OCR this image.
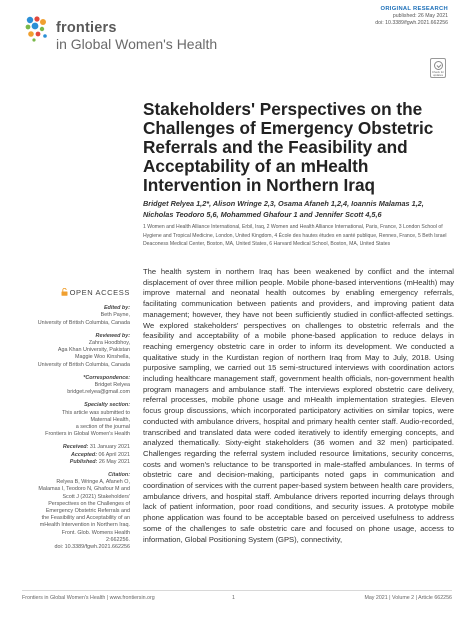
frontiers
in Global Women's Health
ORIGINAL RESEARCH
published: 26 May 2021
doi: 10.3389/fgwh.2021.662256
Check for updates
Stakeholders' Perspectives on the Challenges of Emergency Obstetric Referrals and the Feasibility and Acceptability of an mHealth Intervention in Northern Iraq
Bridget Relyea 1,2*, Alison Wringe 2,3, Osama Afaneh 1,2,4, Ioannis Malamas 1,2, Nicholas Teodoro 5,6, Mohammed Ghafour 1 and Jennifer Scott 4,5,6
1 Women and Health Alliance International, Erbil, Iraq, 2 Women and Health Alliance International, Paris, France, 3 London School of Hygiene and Tropical Medicine, London, United Kingdom, 4 École des hautes études en santé publique, Rennes, France, 5 Beth Israel Deaconess Medical Center, Boston, MA, United States, 6 Harvard Medical School, Boston, MA, United States
OPEN ACCESS
Edited by:
Beth Payne,
University of British Columbia, Canada
Reviewed by:
Zahra Hoodbhoy,
Aga Khan University, Pakistan
Maggie Woo Kinshella,
University of British Columbia, Canada
*Correspondence:
Bridget Relyea
bridget.relyea@gmail.com
Specialty section:
This article was submitted to
Maternal Health,
a section of the journal
Frontiers in Global Women's Health
Received: 31 January 2021
Accepted: 06 April 2021
Published: 26 May 2021
Citation:
Relyea B, Wringe A, Afaneh O,
Malamas I, Teodoro N, Ghafour M and
Scott J (2021) Stakeholders'
Perspectives on the Challenges of
Emergency Obstetric Referrals and
the Feasibility and Acceptability of an
mHealth Intervention in Northern Iraq.
Front. Glob. Womens Health
2:662256.
doi: 10.3389/fgwh.2021.662256

The health system in northern Iraq has been weakened by conflict and the internal displacement of over three million people. Mobile phone-based interventions (mHealth) may improve maternal and neonatal health outcomes by enabling emergency referrals, facilitating communication between patients and providers, and improving patient data management; however, they have not been sufficiently studied in conflict-affected settings. We explored stakeholders' perspectives on challenges to obstetric referrals and the feasibility and acceptability of a mobile phone-based application to reduce delays in reaching emergency obstetric care in order to inform its development. We conducted a qualitative study in the Kurdistan region of northern Iraq from May to July, 2018. Using purposive sampling, we carried out 15 semi-structured interviews with coordination actors including healthcare management staff, government health officials, non-government health program managers and ambulance staff. The interviews explored obstetric care delivery, referral processes, mobile phone usage and mHealth implementation strategies. Eleven focus group discussions, which incorporated participatory activities on similar topics, were conducted with ambulance drivers, hospital and primary health center staff. Audio-recorded, transcribed and translated data were coded iteratively to identify emerging concepts, and analyzed thematically. Sixty-eight stakeholders (36 women and 32 men) participated. Challenges regarding the referral system included resource limitations, security concerns, costs and women's reluctance to be transported in male-staffed ambulances. In terms of obstetric care and decision-making, participants noted gaps in communication and coordination of services with the current paper-based system between health care providers, ambulance drivers, and hospital staff. Ambulance drivers reported incurring delays through lack of patient information, poor road conditions, and security issues. A prototype mobile phone application was found to be acceptable based on perceived usefulness to address some of the challenges to safe obstetric care and focused on phone usage, access to information, Global Positioning System (GPS), connectivity,

Frontiers in Global Women's Health | www.frontiersin.org	1	May 2021 | Volume 2 | Article 662256
